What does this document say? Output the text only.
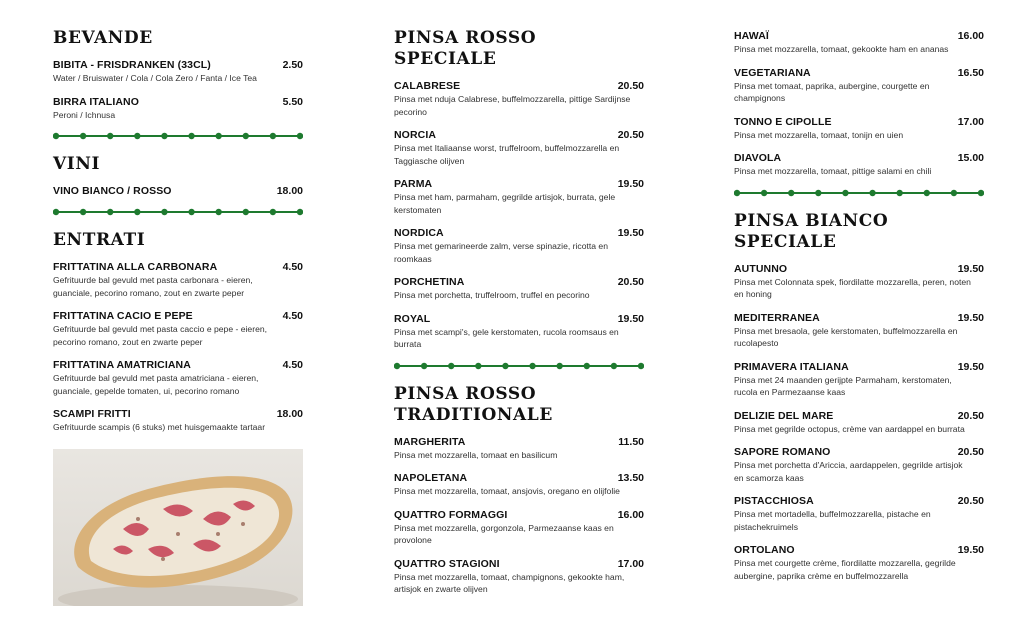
BEVANDE
BIBITA - FRISDRANKEN (33CL)	2.50
Water / Bruiswater / Cola / Cola Zero / Fanta / Ice Tea
BIRRA ITALIANO	5.50
Peroni / Ichnusa
VINI
VINO BIANCO / ROSSO	18.00
ENTRATI
FRITTATINA ALLA CARBONARA	4.50
Gefrituurde bal gevuld met pasta carbonara - eieren, guanciale, pecorino romano, zout en zwarte peper
FRITTATINA CACIO E PEPE	4.50
Gefrituurde bal gevuld met pasta caccio e pepe - eieren, pecorino romano, zout en zwarte peper
FRITTATINA AMATRICIANA	4.50
Gefrituurde bal gevuld met pasta amatriciana - eieren, guanciale, gepelde tomaten, ui, pecorino romano
SCAMPI FRITTI	18.00
Gefrituurde scampis (6 stuks) met huisgemaakte tartaar
PINSA ROSSO SPECIALE
CALABRESE	20.50
Pinsa met nduja Calabrese, buffelmozzarella, pittige Sardijnse pecorino
NORCIA	20.50
Pinsa met Italiaanse worst, truffelroom, buffelmozzarella en Taggiasche olijven
PARMA	19.50
Pinsa met ham, parmaham, gegrilde artisjok, burrata, gele kerstomaten
NORDICA	19.50
Pinsa met gemarineerde zalm, verse spinazie, ricotta en roomkaas
PORCHETINA	20.50
Pinsa met porchetta, truffelroom, truffel en pecorino
ROYAL	19.50
Pinsa met scampi's, gele kerstomaten, rucola roomsaus en burrata
PINSA ROSSO TRADITIONALE
MARGHERITA	11.50
Pinsa met mozzarella, tomaat en basilicum
NAPOLETANA	13.50
Pinsa met mozzarella, tomaat, ansjovis, oregano en olijfolie
QUATTRO FORMAGGI	16.00
Pinsa met mozzarella, gorgonzola, Parmezaanse kaas en provolone
QUATTRO STAGIONI	17.00
Pinsa met mozzarella, tomaat, champignons, gekookte ham, artisjok en zwarte olijven
HAWAÏ	16.00
Pinsa met mozzarella, tomaat, gekookte ham en ananas
VEGETARIANA	16.50
Pinsa met tomaat, paprika, aubergine, courgette en champignons
TONNO E CIPOLLE	17.00
Pinsa met mozzarella, tomaat, tonijn en uien
DIAVOLA	15.00
Pinsa met mozzarella, tomaat, pittige salami en chili
PINSA BIANCO SPECIALE
AUTUNNO	19.50
Pinsa met Colonnata spek, fiordilatte mozzarella, peren, noten en honing
MEDITERRANEA	19.50
Pinsa met bresaola, gele kerstomaten, buffelmozzarella en rucolapesto
PRIMAVERA ITALIANA	19.50
Pinsa met 24 maanden gerijpte Parmaham, kerstomaten, rucola en Parmezaanse kaas
DELIZIE DEL MARE	20.50
Pinsa met gegrilde octopus, crème van aardappel en burrata
SAPORE ROMANO	20.50
Pinsa met porchetta d'Ariccia, aardappelen, gegrilde artisjok en scamorza kaas
PISTACCHIOSA	20.50
Pinsa met mortadella, buffelmozzarella, pistache en pistachekruimels
ORTOLANO	19.50
Pinsa met courgette crème, fiordilatte mozzarella, gegrilde aubergine, paprika crème en buffelmozzarella
